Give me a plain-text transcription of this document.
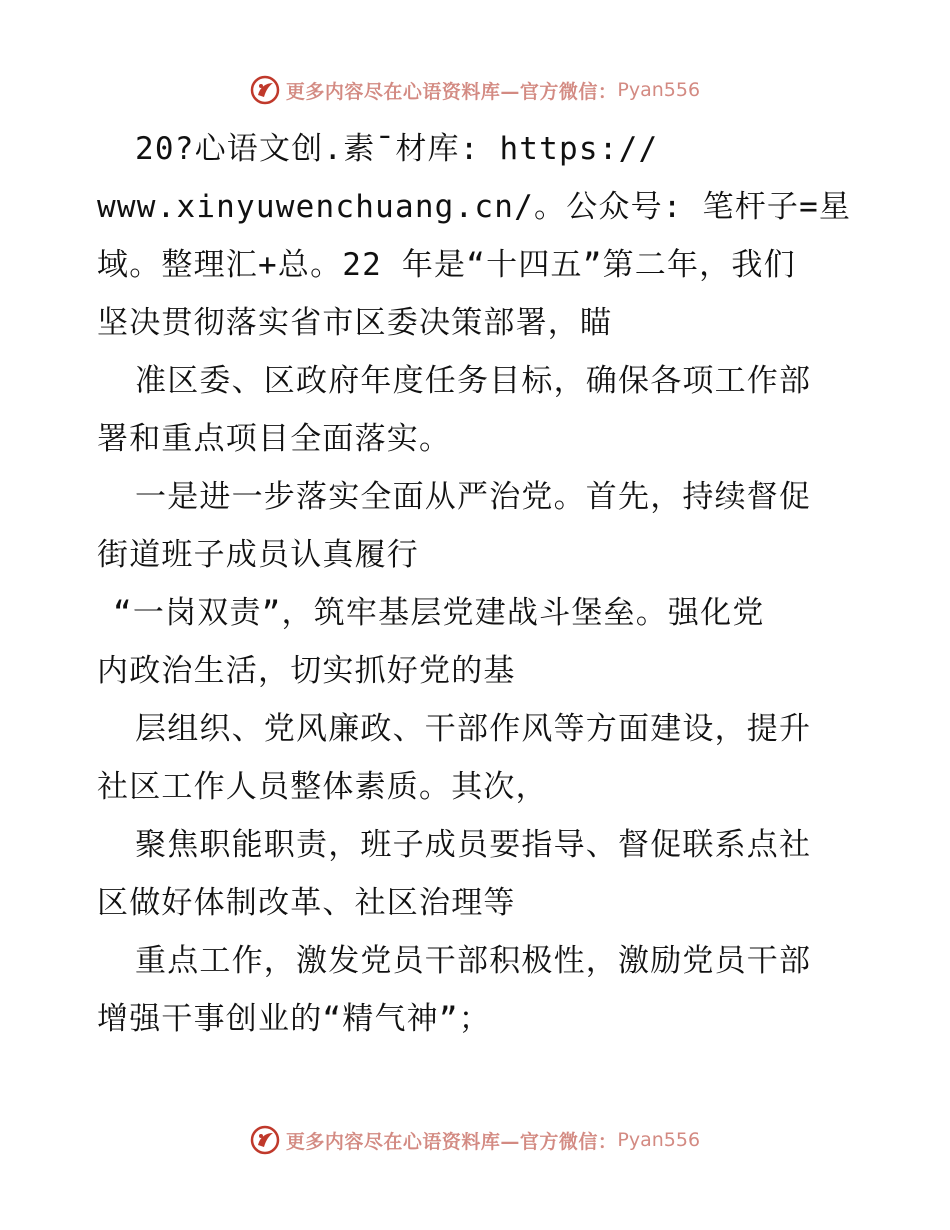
更多内容尽在心语资料库—官方微信： Pyan556
20?心语文创.素¯材库: https://
www.xinyuwenchuang.cn/。公众号: 笔杆子=星
域。整理汇+总。22 年是“十四五”第二年，我们
坚决贯彻落实省市区委决策部署，瞄
准区委、区政府年度任务目标，确保各项工作部
署和重点项目全面落实。
一是进一步落实全面从严治党。首先，持续督促
街道班子成员认真履行
“一岗双责”，筑牢基层党建战斗堡垒。强化党
内政治生活，切实抓好党的基
层组织、党风廉政、干部作风等方面建设，提升
社区工作人员整体素质。其次，
聚焦职能职责，班子成员要指导、督促联系点社
区做好体制改革、社区治理等
重点工作，激发党员干部积极性，激励党员干部
增强干事创业的“精气神”；
更多内容尽在心语资料库—官方微信： Pyan556
